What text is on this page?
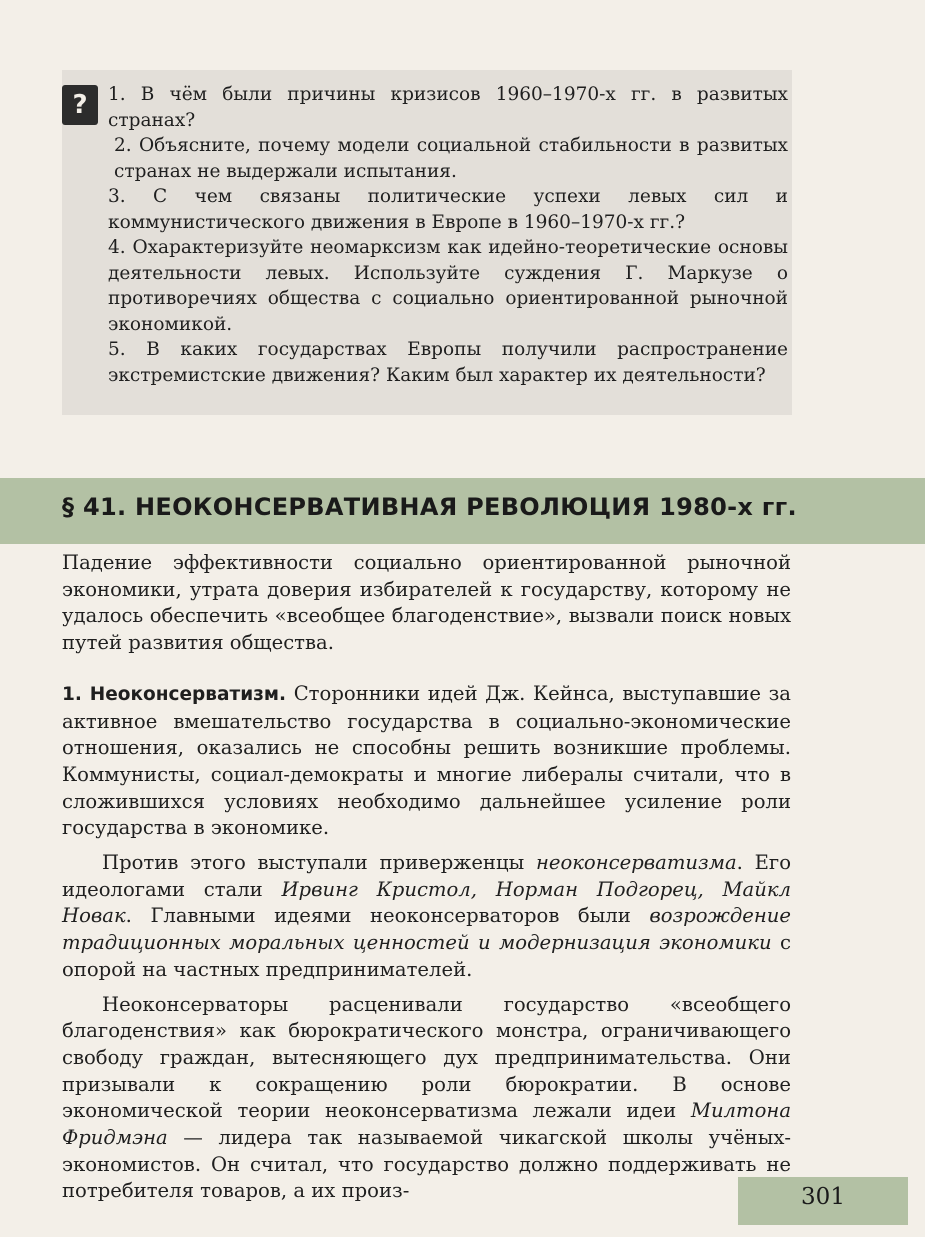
?	1. В чём были причины кризисов 1960–1970-х гг. в развитых странах?

2. Объясните, почему модели социальной стабильности в развитых странах не выдержали испытания.

3. С чем связаны политические успехи левых сил и коммунистического движения в Европе в 1960–1970-х гг.?

4. Охарактеризуйте неомарксизм как идейно-теоретические основы деятельности левых. Используйте суждения Г. Маркузе о противоречиях общества с социально ориентированной рыночной экономикой.

5. В каких государствах Европы получили распространение экстремистские движения? Каким был характер их деятельности?

§ 41. НЕОКОНСЕРВАТИВНАЯ РЕВОЛЮЦИЯ 1980-х гг.

Падение эффективности социально ориентированной рыночной экономики, утрата доверия избирателей к государству, которому не удалось обеспечить «всеобщее благоденствие», вызвали поиск новых путей развития общества.

1. Неоконсерватизм. Сторонники идей Дж. Кейнса, выступавшие за активное вмешательство государства в социально-экономические отношения, оказались не способны решить возникшие проблемы. Коммунисты, социал-демократы и многие либералы считали, что в сложившихся условиях необходимо дальнейшее усиление роли государства в экономике.

Против этого выступали приверженцы неоконсерватизма. Его идеологами стали Ирвинг Кристол, Норман Подгорец, Майкл Новак. Главными идеями неоконсерваторов были возрождение традиционных моральных ценностей и модернизация экономики с опорой на частных предпринимателей.

Неоконсерваторы расценивали государство «всеобщего благоденствия» как бюрократического монстра, ограничивающего свободу граждан, вытесняющего дух предпринимательства. Они призывали к сокращению роли бюрократии. В основе экономической теории неоконсерватизма лежали идеи Милтона Фридмэна — лидера так называемой чикагской школы учёных-экономистов. Он считал, что государство должно поддерживать не потребителя товаров, а их произ-	301
